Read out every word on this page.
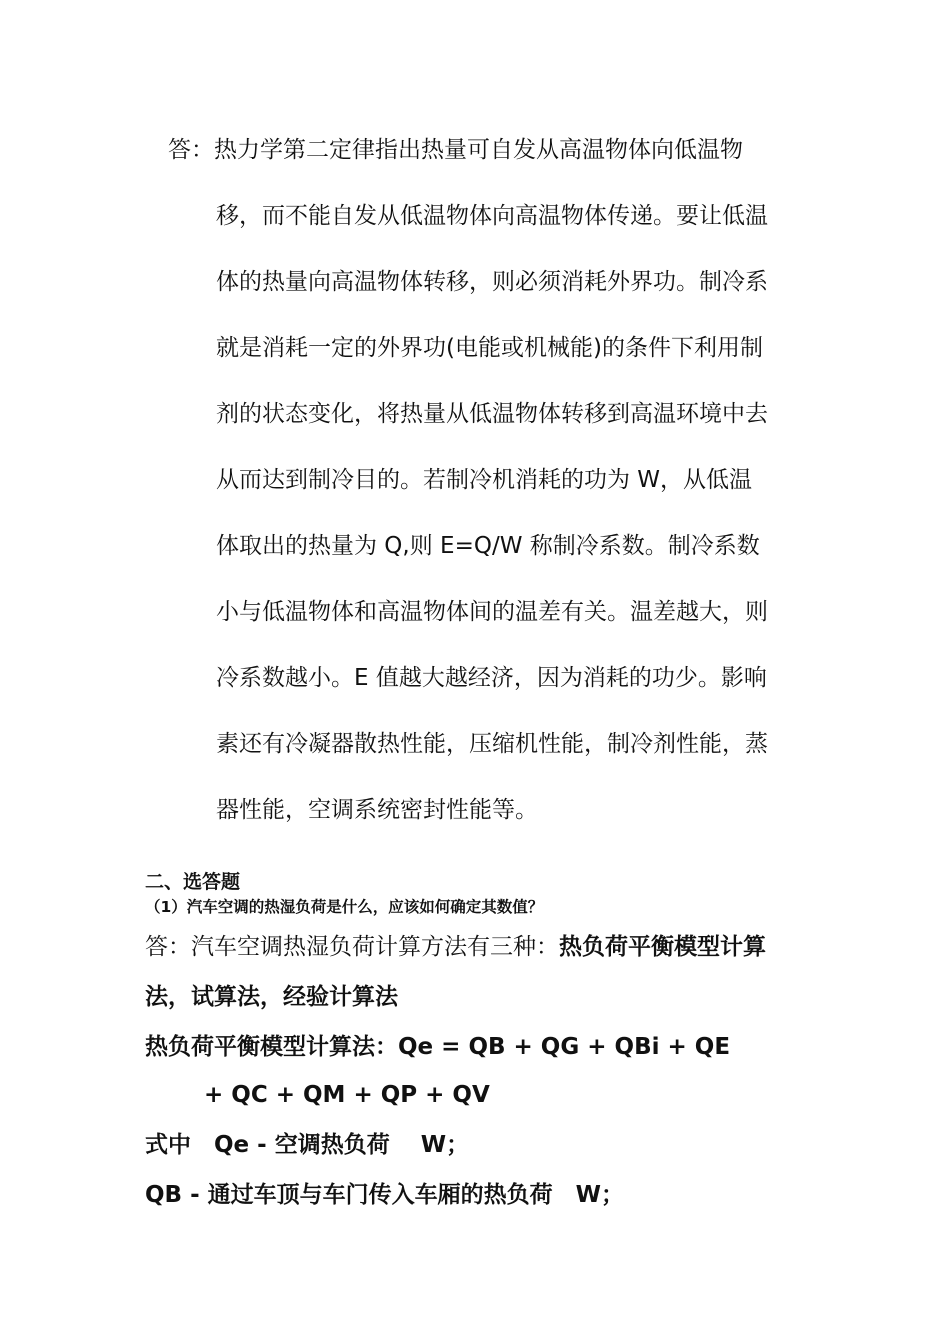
答：热力学第二定律指出热量可自发从高温物体向低温物
移，而不能自发从低温物体向高温物体传递。要让低温
体的热量向高温物体转移，则必须消耗外界功。制冷系
就是消耗一定的外界功(电能或机械能)的条件下利用制
剂的状态变化，将热量从低温物体转移到高温环境中去
从而达到制冷目的。若制冷机消耗的功为 W，从低温
体取出的热量为 Q,则 E=Q/W 称制冷系数。制冷系数
小与低温物体和高温物体间的温差有关。温差越大，则
冷系数越小。E 值越大越经济，因为消耗的功少。影响
素还有冷凝器散热性能，压缩机性能，制冷剂性能，蒸
器性能，空调系统密封性能等。
二、选答题
（1）汽车空调的热湿负荷是什么，应该如何确定其数值？
答：汽车空调热湿负荷计算方法有三种：热负荷平衡模型计算
法，试算法，经验计算法
热负荷平衡模型计算法：Qe = QB + QG + QBi + QE
+ QC + QM + QP + QV
式中　Qe - 空调热负荷　 W；
QB - 通过车顶与车门传入车厢的热负荷　W；
